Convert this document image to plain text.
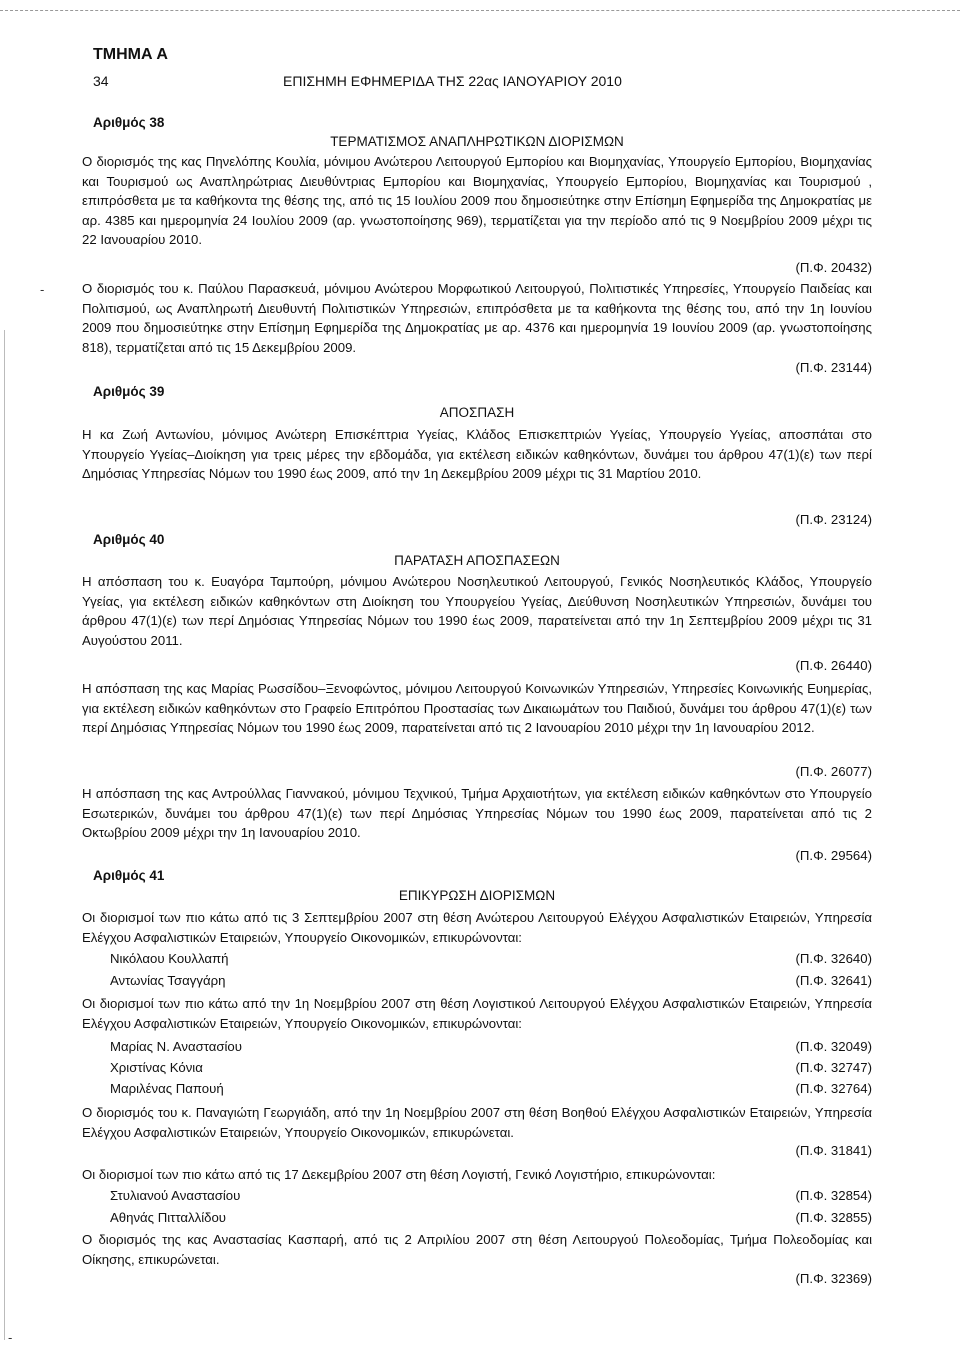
ΤΜΗΜΑ Α
34	ΕΠΙΣΗΜΗ ΕΦΗΜΕΡΙΔΑ ΤΗΣ 22ας ΙΑΝΟΥΑΡΙΟΥ 2010
Αριθμός 38
ΤΕΡΜΑΤΙΣΜΟΣ ΑΝΑΠΛΗΡΩΤΙΚΩΝ ΔΙΟΡΙΣΜΩΝ
Ο διορισμός της κας Πηνελόπης Κουλία, μόνιμου Ανώτερου Λειτουργού Εμπορίου και Βιομηχανίας, Υπουργείο Εμπορίου, Βιομηχανίας και Τουρισμού ως Αναπληρώτριας Διευθύντριας Εμπορίου και Βιομηχανίας, Υπουργείο Εμπορίου, Βιομηχανίας και Τουρισμού , επιπρόσθετα με τα καθήκοντα της θέσης της, από τις 15 Ιουλίου 2009 που δημοσιεύτηκε στην Επίσημη Εφημερίδα της Δημοκρατίας με αρ. 4385 και ημερομηνία 24 Ιουλίου 2009 (αρ. γνωστοποίησης 969), τερματίζεται για την περίοδο από τις 9 Νοεμβρίου 2009 μέχρι τις 22 Ιανουαρίου 2010.
(Π.Φ. 20432)
-	Ο διορισμός του κ. Παύλου Παρασκευά, μόνιμου Ανώτερου Μορφωτικού Λειτουργού, Πολιτιστικές Υπηρεσίες, Υπουργείο Παιδείας και Πολιτισμού, ως Αναπληρωτή Διευθυντή Πολιτιστικών Υπηρεσιών, επιπρόσθετα με τα καθήκοντα της θέσης του, από την 1η Ιουνίου 2009 που δημοσιεύτηκε στην Επίσημη Εφημερίδα της Δημοκρατίας με αρ. 4376 και ημερομηνία 19 Ιουνίου 2009 (αρ. γνωστοποίησης 818), τερματίζεται από τις 15 Δεκεμβρίου 2009.
(Π.Φ. 23144)
Αριθμός 39
ΑΠΟΣΠΑΣΗ
Η κα Ζωή Αντωνίου, μόνιμος Ανώτερη Επισκέπτρια Υγείας, Κλάδος Επισκεπτριών Υγείας, Υπουργείο Υγείας, αποσπάται στο Υπουργείο Υγείας–Διοίκηση για τρεις μέρες την εβδομάδα, για εκτέλεση ειδικών καθηκόντων, δυνάμει του άρθρου 47(1)(ε) των περί Δημόσιας Υπηρεσίας Νόμων του 1990 έως 2009, από την 1η Δεκεμβρίου 2009 μέχρι τις 31 Μαρτίου 2010.
(Π.Φ. 23124)
Αριθμός 40
ΠΑΡΑΤΑΣΗ ΑΠΟΣΠΑΣΕΩΝ
Η απόσπαση του κ. Ευαγόρα Ταμπούρη, μόνιμου Ανώτερου Νοσηλευτικού Λειτουργού, Γενικός Νοσηλευτικός Κλάδος, Υπουργείο Υγείας, για εκτέλεση ειδικών καθηκόντων στη Διοίκηση του Υπουργείου Υγείας, Διεύθυνση Νοσηλευτικών Υπηρεσιών, δυνάμει του άρθρου 47(1)(ε) των περί Δημόσιας Υπηρεσίας Νόμων του 1990 έως 2009, παρατείνεται από την 1η Σεπτεμβρίου 2009 μέχρι τις 31 Αυγούστου 2011.
(Π.Φ. 26440)
Η απόσπαση της κας Μαρίας Ρωσσίδου–Ξενοφώντος, μόνιμου Λειτουργού Κοινωνικών Υπηρεσιών, Υπηρεσίες Κοινωνικής Ευημερίας, για εκτέλεση ειδικών καθηκόντων στο Γραφείο Επιτρόπου Προστασίας των Δικαιωμάτων του Παιδιού, δυνάμει του άρθρου 47(1)(ε) των περί Δημόσιας Υπηρεσίας Νόμων του 1990 έως 2009, παρατείνεται από τις 2 Ιανουαρίου 2010 μέχρι την 1η Ιανουαρίου 2012.
(Π.Φ. 26077)
Η απόσπαση της κας Αντρούλλας Γιαννακού, μόνιμου Τεχνικού, Τμήμα Αρχαιοτήτων, για εκτέλεση ειδικών καθηκόντων στο Υπουργείο Εσωτερικών, δυνάμει του άρθρου 47(1)(ε) των περί Δημόσιας Υπηρεσίας Νόμων του 1990 έως 2009, παρατείνεται από τις 2 Οκτωβρίου 2009 μέχρι την 1η Ιανουαρίου 2010.
(Π.Φ. 29564)
Αριθμός 41
ΕΠΙΚΥΡΩΣΗ ΔΙΟΡΙΣΜΩΝ
Οι διορισμοί των πιο κάτω από τις 3 Σεπτεμβρίου 2007 στη θέση Ανώτερου Λειτουργού Ελέγχου Ασφαλιστικών Εταιρειών, Υπηρεσία Ελέγχου Ασφαλιστικών Εταιρειών, Υπουργείο Οικονομικών, επικυρώνονται:
Νικόλαου Κουλλαπή	(Π.Φ. 32640)
Αντωνίας Τσαγγάρη	(Π.Φ. 32641)
Οι διορισμοί των πιο κάτω από την 1η Νοεμβρίου 2007 στη θέση Λογιστικού Λειτουργού Ελέγχου Ασφαλιστικών Εταιρειών, Υπηρεσία Ελέγχου Ασφαλιστικών Εταιρειών, Υπουργείο Οικονομικών, επικυρώνονται:
Μαρίας Ν. Αναστασίου	(Π.Φ. 32049)
Χριστίνας Κόνια	(Π.Φ. 32747)
Μαριλένας Παπουή	(Π.Φ. 32764)
Ο διορισμός του κ. Παναγιώτη Γεωργιάδη, από την 1η Νοεμβρίου 2007 στη θέση Βοηθού Ελέγχου Ασφαλιστικών Εταιρειών, Υπηρεσία Ελέγχου Ασφαλιστικών Εταιρειών, Υπουργείο Οικονομικών, επικυρώνεται.
(Π.Φ. 31841)
Οι διορισμοί των πιο κάτω από τις 17 Δεκεμβρίου 2007 στη θέση Λογιστή, Γενικό Λογιστήριο, επικυρώνονται:
Στυλιανού Αναστασίου	(Π.Φ. 32854)
Αθηνάς Πιτταλλίδου	(Π.Φ. 32855)
Ο διορισμός της κας Αναστασίας Κασπαρή, από τις 2 Απριλίου 2007 στη θέση Λειτουργού Πολεοδομίας, Τμήμα Πολεοδομίας και Οίκησης, επικυρώνεται.
(Π.Φ. 32369)
-
